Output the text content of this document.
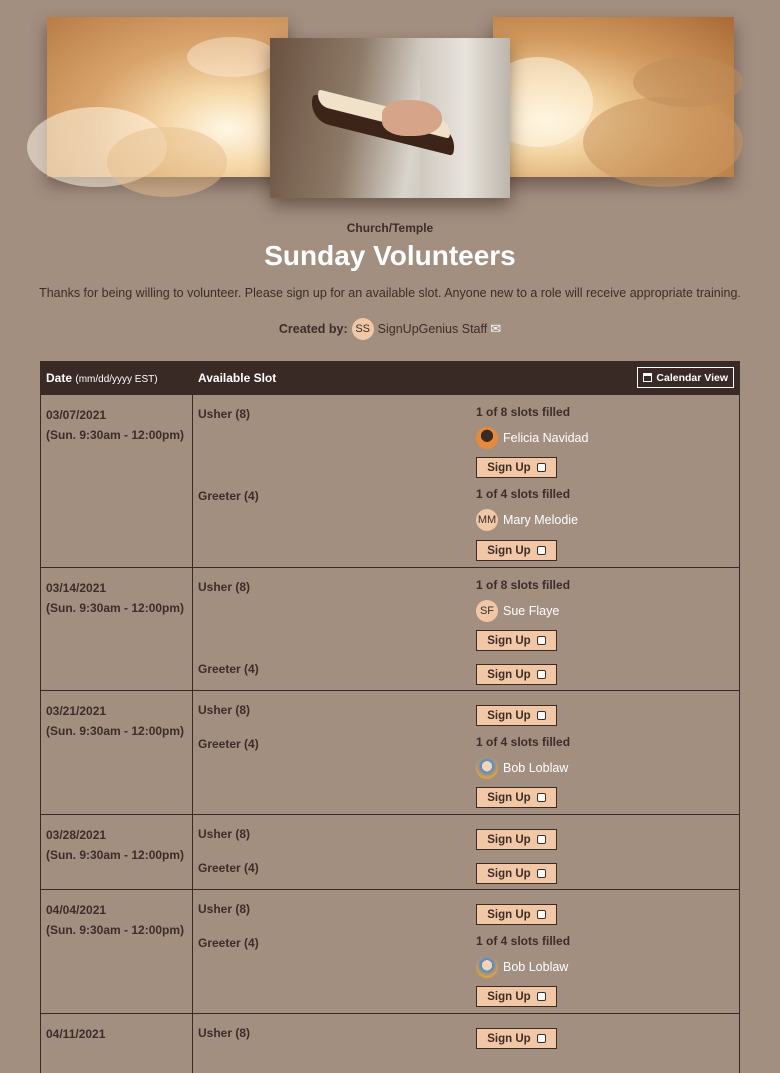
Church/Temple
Sunday Volunteers
Thanks for being willing to volunteer. Please sign up for an available slot. Anyone new to a role will receive appropriate training.
Created by: SS SignUpGenius Staff ✉
Date (mm/dd/yyyy EST)	Available Slot	Calendar View
03/07/2021
(Sun. 9:30am - 12:00pm)
Usher (8)	1 of 8 slots filled
Felicia Navidad
Sign Up
Greeter (4)	1 of 4 slots filled
MM Mary Melodie
Sign Up
03/14/2021
(Sun. 9:30am - 12:00pm)
Usher (8)	1 of 8 slots filled
SF Sue Flaye
Sign Up
Greeter (4)	Sign Up
03/21/2021
(Sun. 9:30am - 12:00pm)
Usher (8)	Sign Up
Greeter (4)	1 of 4 slots filled
Bob Loblaw
Sign Up
03/28/2021
(Sun. 9:30am - 12:00pm)
Usher (8)	Sign Up
Greeter (4)	Sign Up
04/04/2021
(Sun. 9:30am - 12:00pm)
Usher (8)	Sign Up
Greeter (4)	1 of 4 slots filled
Bob Loblaw
Sign Up
04/11/2021	Usher (8)	Sign Up
